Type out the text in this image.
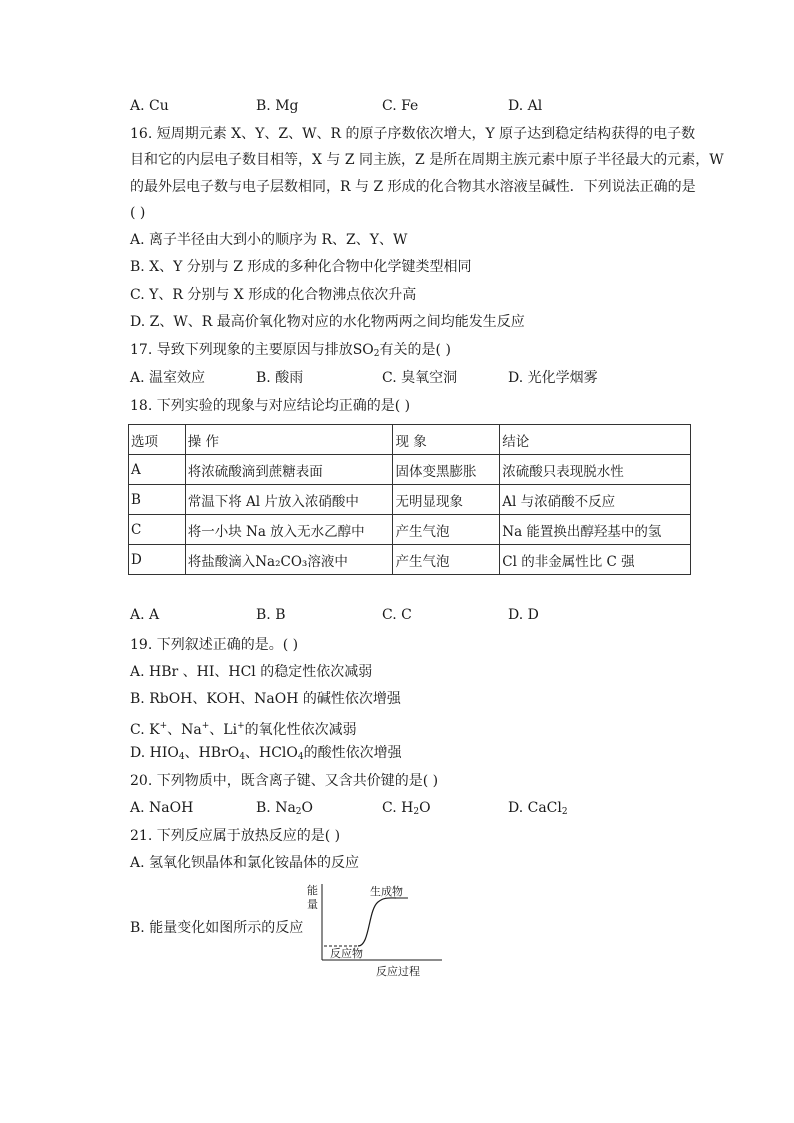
A. Cu	B. Mg	C. Fe	D. Al
16. 短周期元素 X、Y、Z、W、R 的原子序数依次增大，Y 原子达到稳定结构获得的电子数
目和它的内层电子数目相等，X 与 Z 同主族，Z 是所在周期主族元素中原子半径最大的元素，W
的最外层电子数与电子层数相同，R 与 Z 形成的化合物其水溶液呈碱性．下列说法正确的是
( )
A. 离子半径由大到小的顺序为 R、Z、Y、W
B. X、Y 分别与 Z 形成的多种化合物中化学键类型相同
C. Y、R 分别与 X 形成的化合物沸点依次升高
D. Z、W、R 最高价氧化物对应的水化物两两之间均能发生反应
17. 导致下列现象的主要原因与排放$SO_2$有关的是( )
A. 温室效应	B. 酸雨	C. 臭氧空洞	D. 光化学烟雾
18. 下列实验的现象与对应结论均正确的是( )
选项	操 作	现 象	结论
A	将浓硫酸滴到蔗糖表面	固体变黑膨胀	浓硫酸只表现脱水性
B	常温下将 Al 片放入浓硝酸中	无明显现象	Al 与浓硝酸不反应
C	将一小块 Na 放入无水乙醇中	产生气泡	Na 能置换出醇羟基中的氢
D	将盐酸滴入Na₂CO₃溶液中	产生气泡	Cl 的非金属性比 C 强
A. A	B. B	C. C	D. D
19. 下列叙述正确的是。( )
A. HBr 、HI、HCl 的稳定性依次减弱
B. RbOH、KOH、NaOH 的碱性依次增强
C. K+、Na+、Li+的氧化性依次减弱
D. $HIO_4$、HBrO$_4$、HClO$_4$的酸性依次增强
20. 下列物质中，既含离子键、又含共价键的是( )
A. NaOH	B. $Na_2O$	C. $H_2O$	D. CaCl$_2$
21. 下列反应属于放热反应的是( )
A. 氢氧化钡晶体和氯化铵晶体的反应
B. 能量变化如图所示的反应
能
量
生成物
反应物
反应过程
